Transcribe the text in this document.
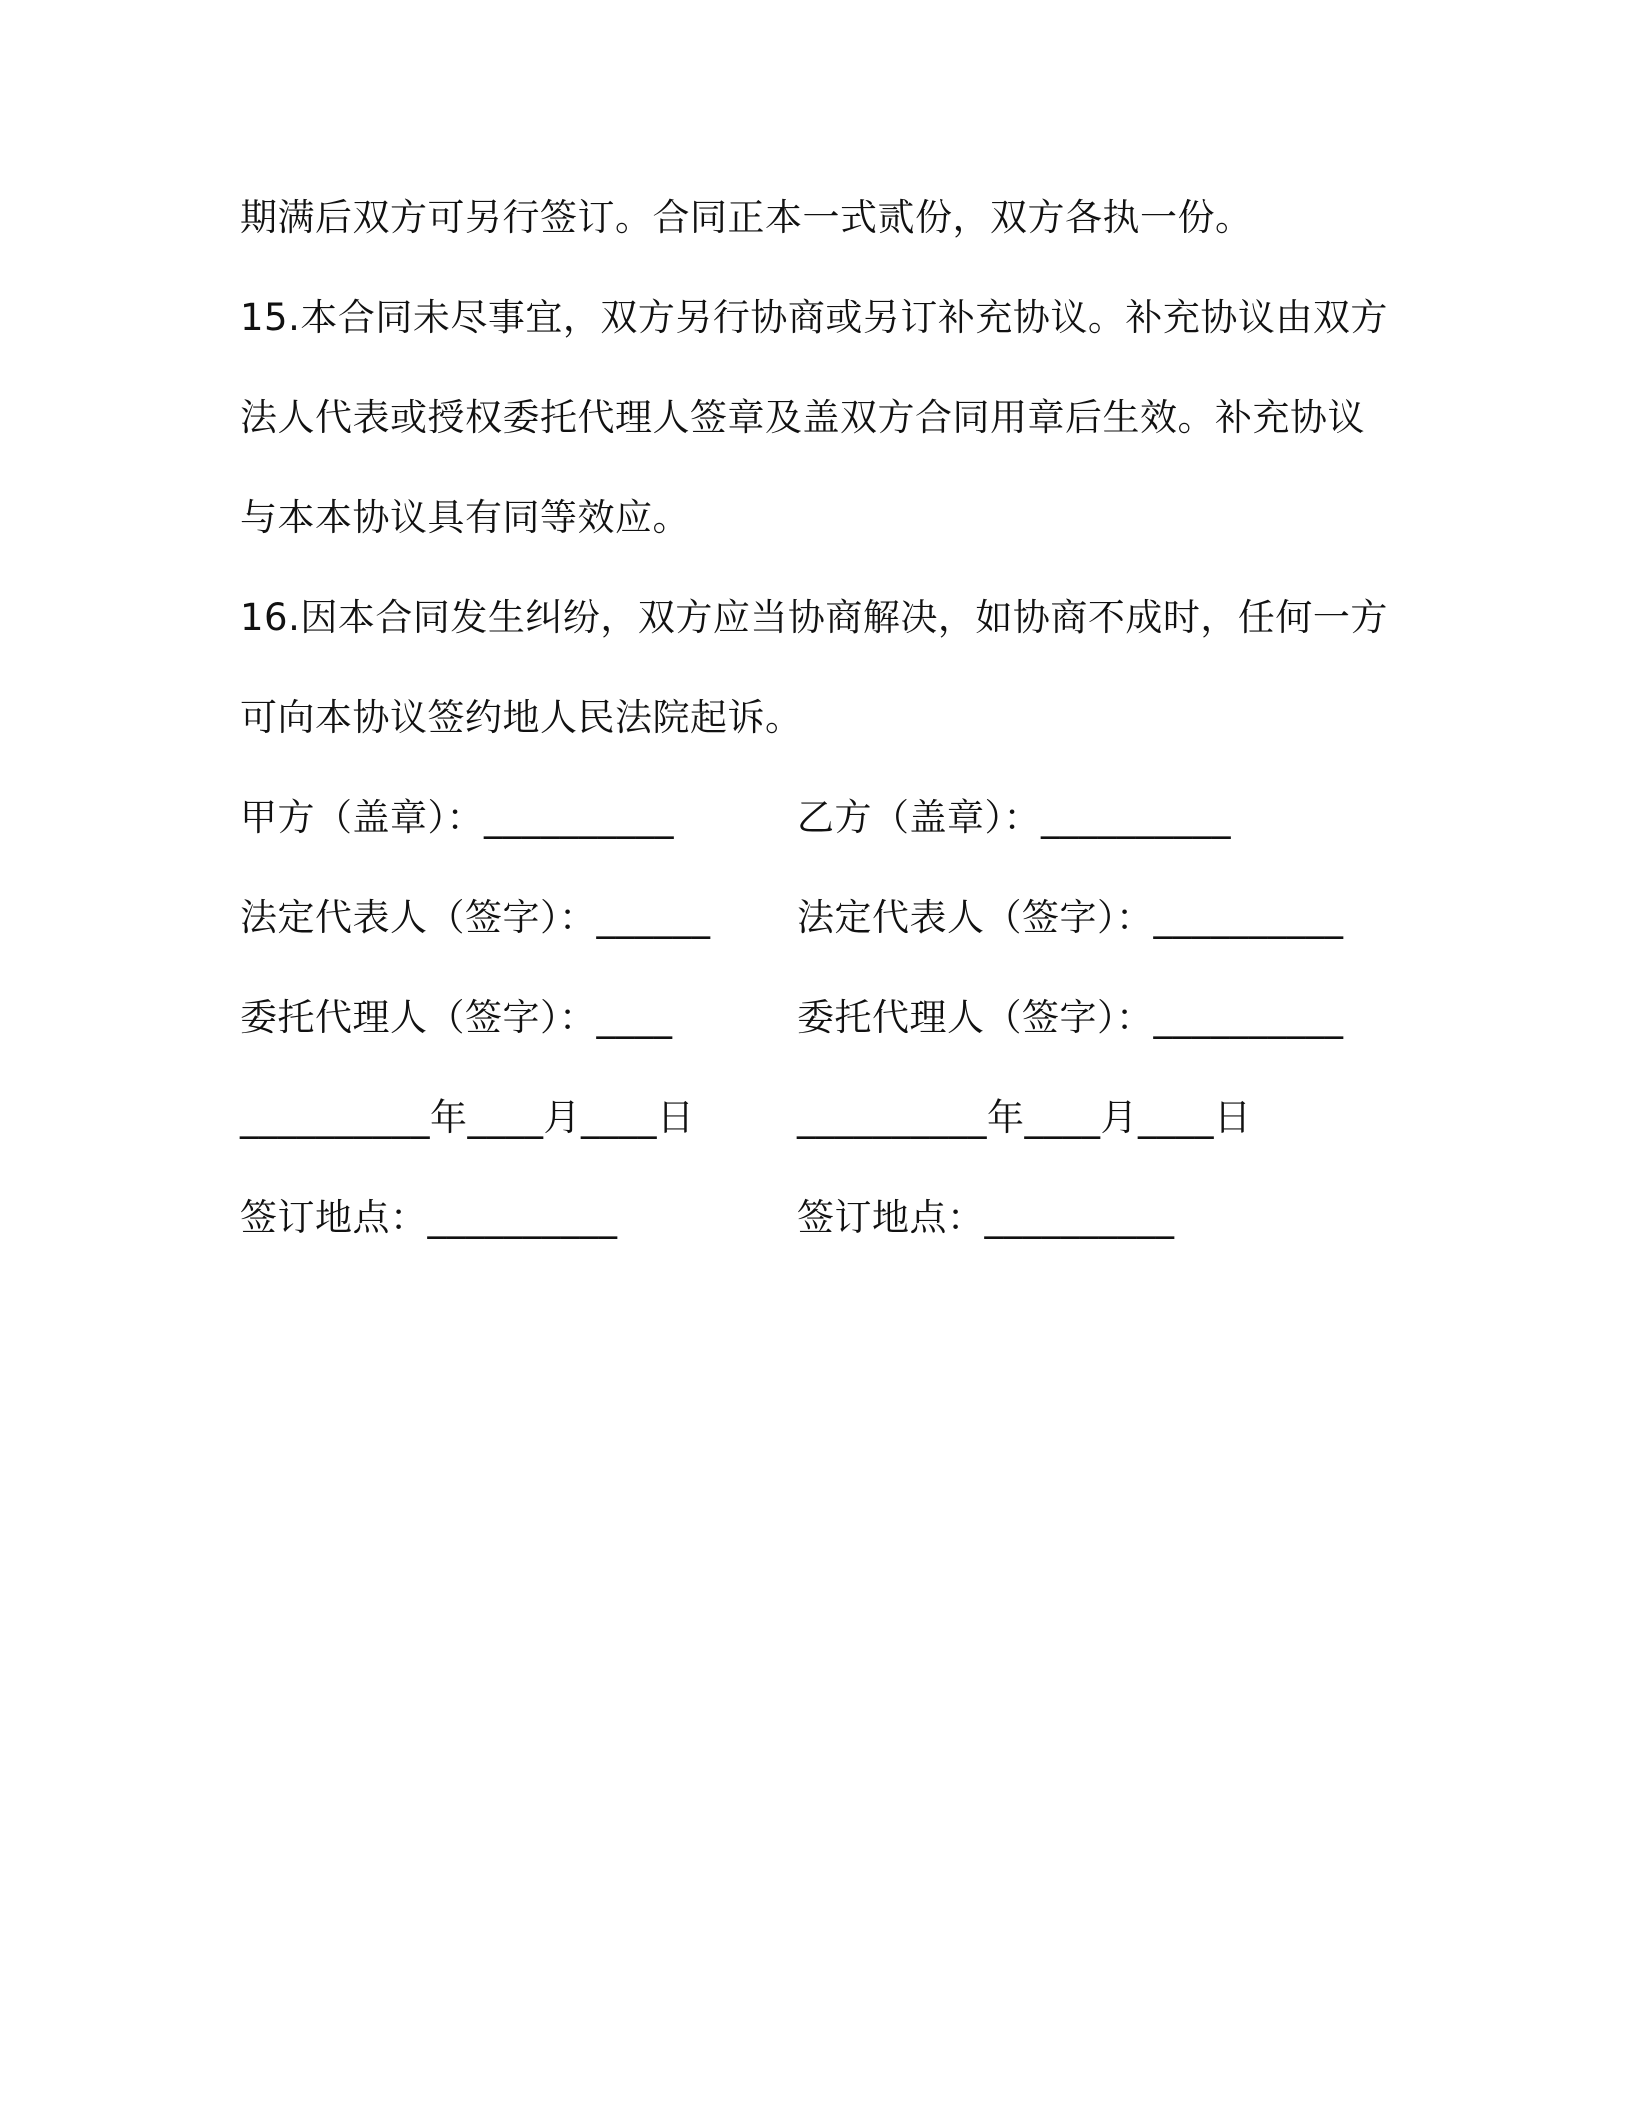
期满后双方可另行签订。合同正本一式贰份，双方各执一份。
15.本合同未尽事宜，双方另行协商或另订补充协议。补充协议由双方
法人代表或授权委托代理人签章及盖双方合同用章后生效。补充协议
与本本协议具有同等效应。
16.因本合同发生纠纷，双方应当协商解决，如协商不成时，任何一方
可向本协议签约地人民法院起诉。
甲方（盖章）：__________	乙方（盖章）：__________
法定代表人（签字）：______ 法定代表人（签字）：__________
委托代理人（签字）：____	委托代理人（签字）：__________
__________年____月____日	__________年____月____日
签订地点：__________	签订地点：__________
